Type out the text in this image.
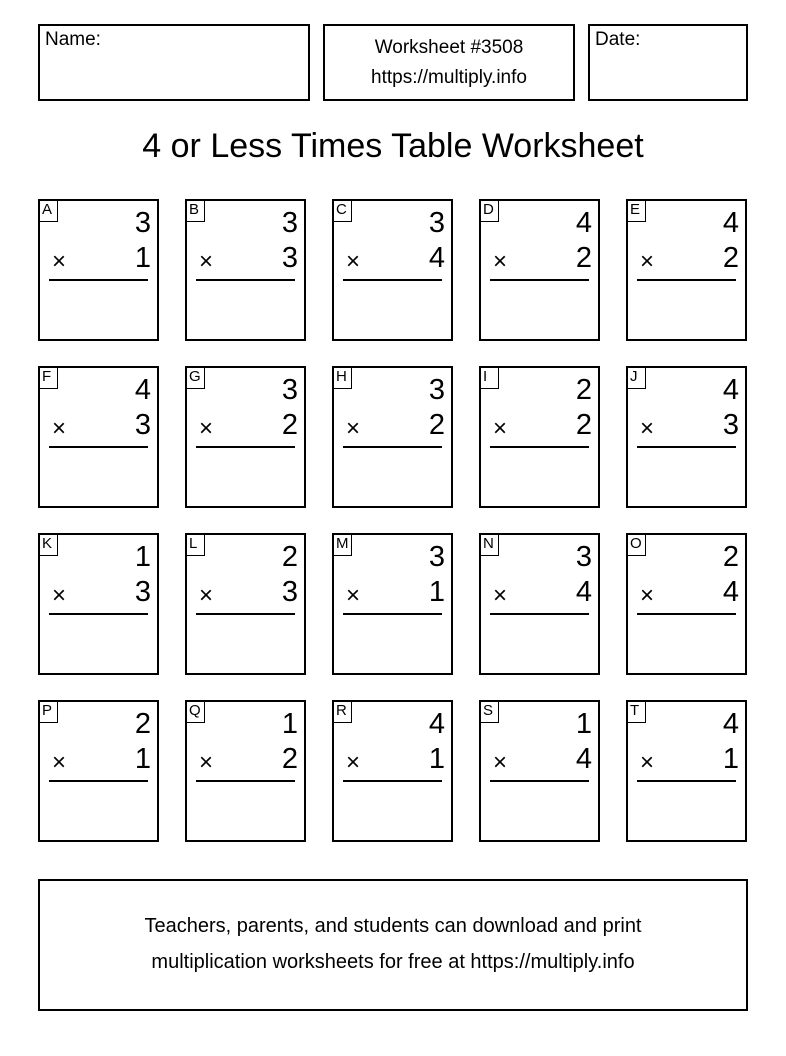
Name:	Worksheet #3508
https://multiply.info
Date:
4 or Less Times Table Worksheet
A	3
× 1
B	3
× 3
C	3
× 4
D	4
× 2
E	4
× 2
F	4
× 3
G	3
× 2
H	3
× 2
I	2
× 2
J	4
× 3
K	1
× 3
L	2
× 3
M	3
× 1
N	3
× 4
O	2
× 4
P	2
× 1
Q	1
× 2
R	4
× 1
S	1
× 4
T	4
× 1
Teachers, parents, and students can download and print
multiplication worksheets for free at https://multiply.info
